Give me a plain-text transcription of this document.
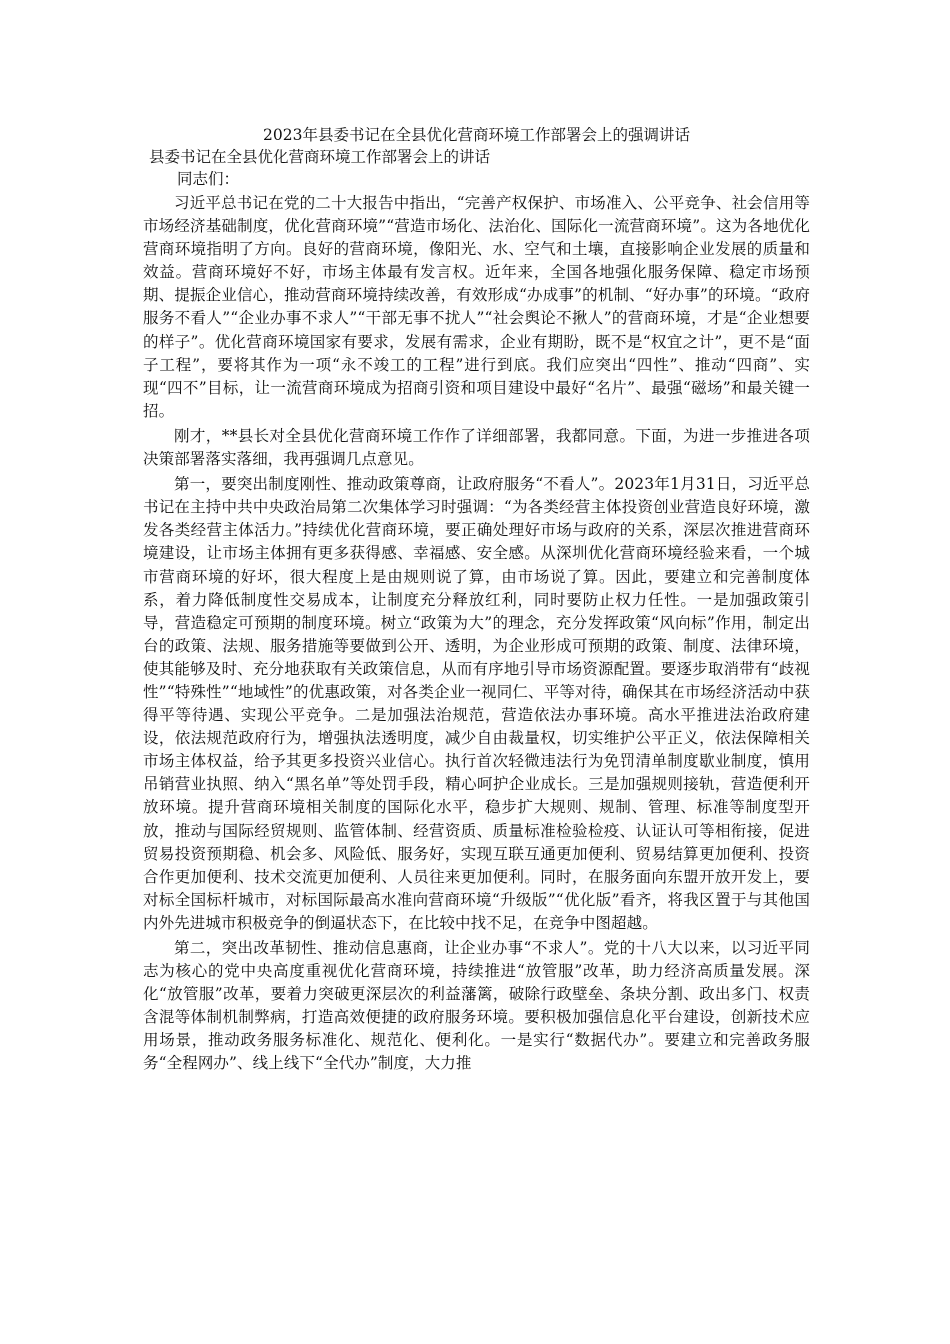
2023年县委书记在全县优化营商环境工作部署会上的强调讲话
县委书记在全县优化营商环境工作部署会上的讲话

同志们：

习近平总书记在党的二十大报告中指出，“完善产权保护、市场准入、公平竞争、社会信用等市场经济基础制度，优化营商环境”“营造市场化、法治化、国际化一流营商环境”。这为各地优化营商环境指明了方向。良好的营商环境，像阳光、水、空气和土壤，直接影响企业发展的质量和效益。营商环境好不好，市场主体最有发言权。近年来，全国各地强化服务保障、稳定市场预期、提振企业信心，推动营商环境持续改善，有效形成“办成事”的机制、“好办事”的环境。“政府服务不看人”“企业办事不求人”“干部无事不扰人”“社会舆论不揪人”的营商环境，才是“企业想要的样子”。优化营商环境国家有要求，发展有需求，企业有期盼，既不是“权宜之计”，更不是“面子工程”，要将其作为一项“永不竣工的工程”进行到底。我们应突出“四性”、推动“四商”、实现“四不”目标，让一流营商环境成为招商引资和项目建设中最好“名片”、最强“磁场”和最关键一招。

刚才，**县长对全县优化营商环境工作作了详细部署，我都同意。下面，为进一步推进各项决策部署落实落细，我再强调几点意见。

第一，要突出制度刚性、推动政策尊商，让政府服务“不看人”。2023年1月31日，习近平总书记在主持中共中央政治局第二次集体学习时强调：“为各类经营主体投资创业营造良好环境，激发各类经营主体活力。”持续优化营商环境，要正确处理好市场与政府的关系，深层次推进营商环境建设，让市场主体拥有更多获得感、幸福感、安全感。从深圳优化营商环境经验来看，一个城市营商环境的好坏，很大程度上是由规则说了算，由市场说了算。因此，要建立和完善制度体系，着力降低制度性交易成本，让制度充分释放红利，同时要防止权力任性。一是加强政策引导，营造稳定可预期的制度环境。树立“政策为大”的理念，充分发挥政策“风向标”作用，制定出台的政策、法规、服务措施等要做到公开、透明，为企业形成可预期的政策、制度、法律环境，使其能够及时、充分地获取有关政策信息，从而有序地引导市场资源配置。要逐步取消带有“歧视性”“特殊性”“地域性”的优惠政策，对各类企业一视同仁、平等对待，确保其在市场经济活动中获得平等待遇、实现公平竞争。二是加强法治规范，营造依法办事环境。高水平推进法治政府建设，依法规范政府行为，增强执法透明度，减少自由裁量权，切实维护公平正义，依法保障相关市场主体权益，给予其更多投资兴业信心。执行首次轻微违法行为免罚清单制度歇业制度，慎用吊销营业执照、纳入“黑名单”等处罚手段，精心呵护企业成长。三是加强规则接轨，营造便利开放环境。提升营商环境相关制度的国际化水平，稳步扩大规则、规制、管理、标准等制度型开放，推动与国际经贸规则、监管体制、经营资质、质量标准检验检疫、认证认可等相衔接，促进贸易投资预期稳、机会多、风险低、服务好，实现互联互通更加便利、贸易结算更加便利、投资合作更加便利、技术交流更加便利、人员往来更加便利。同时，在服务面向东盟开放开发上，要对标全国标杆城市，对标国际最高水准向营商环境“升级版”“优化版”看齐，将我区置于与其他国内外先进城市积极竞争的倒逼状态下，在比较中找不足，在竞争中图超越。

第二，突出改革韧性、推动信息惠商，让企业办事“不求人”。党的十八大以来，以习近平同志为核心的党中央高度重视优化营商环境，持续推进“放管服”改革，助力经济高质量发展。深化“放管服”改革，要着力突破更深层次的利益藩篱，破除行政壁垒、条块分割、政出多门、权责含混等体制机制弊病，打造高效便捷的政府服务环境。要积极加强信息化平台建设，创新技术应用场景，推动政务服务标准化、规范化、便利化。一是实行“数据代办”。要建立和完善政务服务“全程网办”、线上线下“全代办”制度，大力推
